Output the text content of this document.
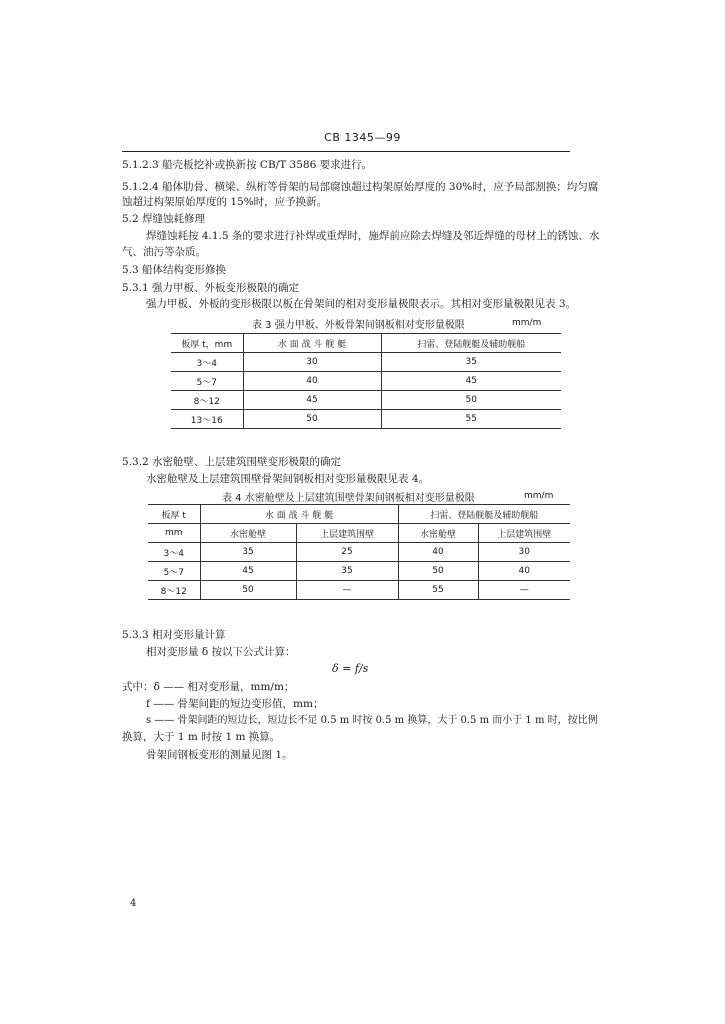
CB 1345—99
5.1.2.3 船壳板挖补或换新按 CB/T 3586 要求进行。
5.1.2.4 船体肋骨、横梁、纵桁等骨架的局部腐蚀超过构架原始厚度的 30%时，应予局部割换；均匀腐
蚀超过构架原始厚度的 15%时，应予换新。
5.2 焊缝蚀耗修理
焊缝蚀耗按 4.1.5 条的要求进行补焊或重焊时，施焊前应除去焊缝及邻近焊缝的母材上的锈蚀、水
气、油污等杂质。
5.3 船体结构变形修换
5.3.1 强力甲板、外板变形极限的确定
强力甲板、外板的变形极限以板在骨架间的相对变形量极限表示。其相对变形量极限见表 3。
表 3 强力甲板、外板骨架间钢板相对变形量极限	mm/m
板厚 t，mm	水 面 战 斗 舰 艇	扫雷、登陆舰艇及辅助舰船
3～4	30	35
5～7	40	45
8～12	45	50
13～16	50	55
5.3.2 水密舱壁、上层建筑围壁变形极限的确定
水密舱壁及上层建筑围壁骨架间钢板相对变形量极限见表 4。
表 4 水密舱壁及上层建筑围壁骨架间钢板相对变形量极限	mm/m
板厚 t	水 面 战 斗 舰 艇		扫雷、登陆舰艇及辅助舰船	
mm	水密舱壁	上层建筑围壁	水密舱壁	上层建筑围壁
3～4	35	25	40	30
5～7	45	35	50	40
8～12	50	—	55	—
5.3.3 相对变形量计算
相对变形量 δ 按以下公式计算：
δ = f/s
式中：δ —— 相对变形量，mm/m；
f —— 骨架间距的短边变形值，mm；
s —— 骨架间距的短边长，短边长不足 0.5 m 时按 0.5 m 换算，大于 0.5 m 而小于 1 m 时，按比例
换算，大于 1 m 时按 1 m 换算。
骨架间钢板变形的测量见图 1。
4
